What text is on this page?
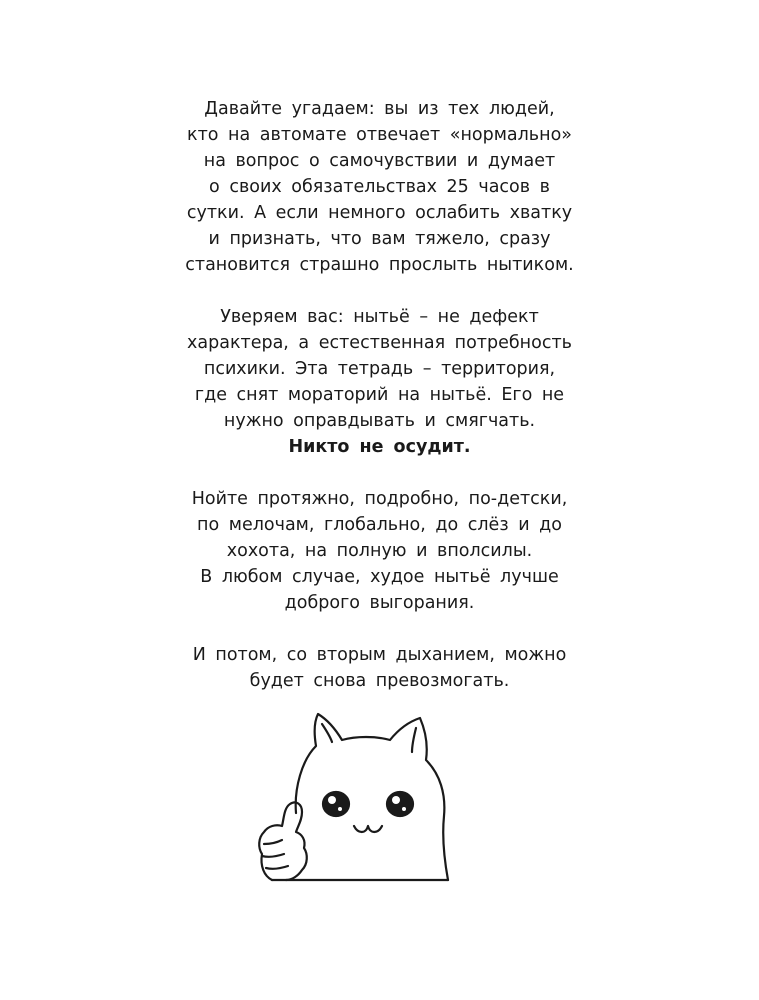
Давайте угадаем: вы из тех людей,
кто на автомате отвечает «нормально»
на вопрос о самочувствии и думает
о своих обязательствах 25 часов в
сутки. А если немного ослабить хватку
и признать, что вам тяжело, сразу
становится страшно прослыть нытиком.

Уверяем вас: нытьё – не дефект
характера, а естественная потребность
психики. Эта тетрадь – территория,
где снят мораторий на нытьё. Его не
нужно оправдывать и смягчать.
Никто не осудит.

Нойте протяжно, подробно, по-детски,
по мелочам, глобально, до слёз и до
хохота, на полную и вполсилы.
В любом случае, худое нытьё лучше
доброго выгорания.

И потом, со вторым дыханием, можно
будет снова превозмогать.
